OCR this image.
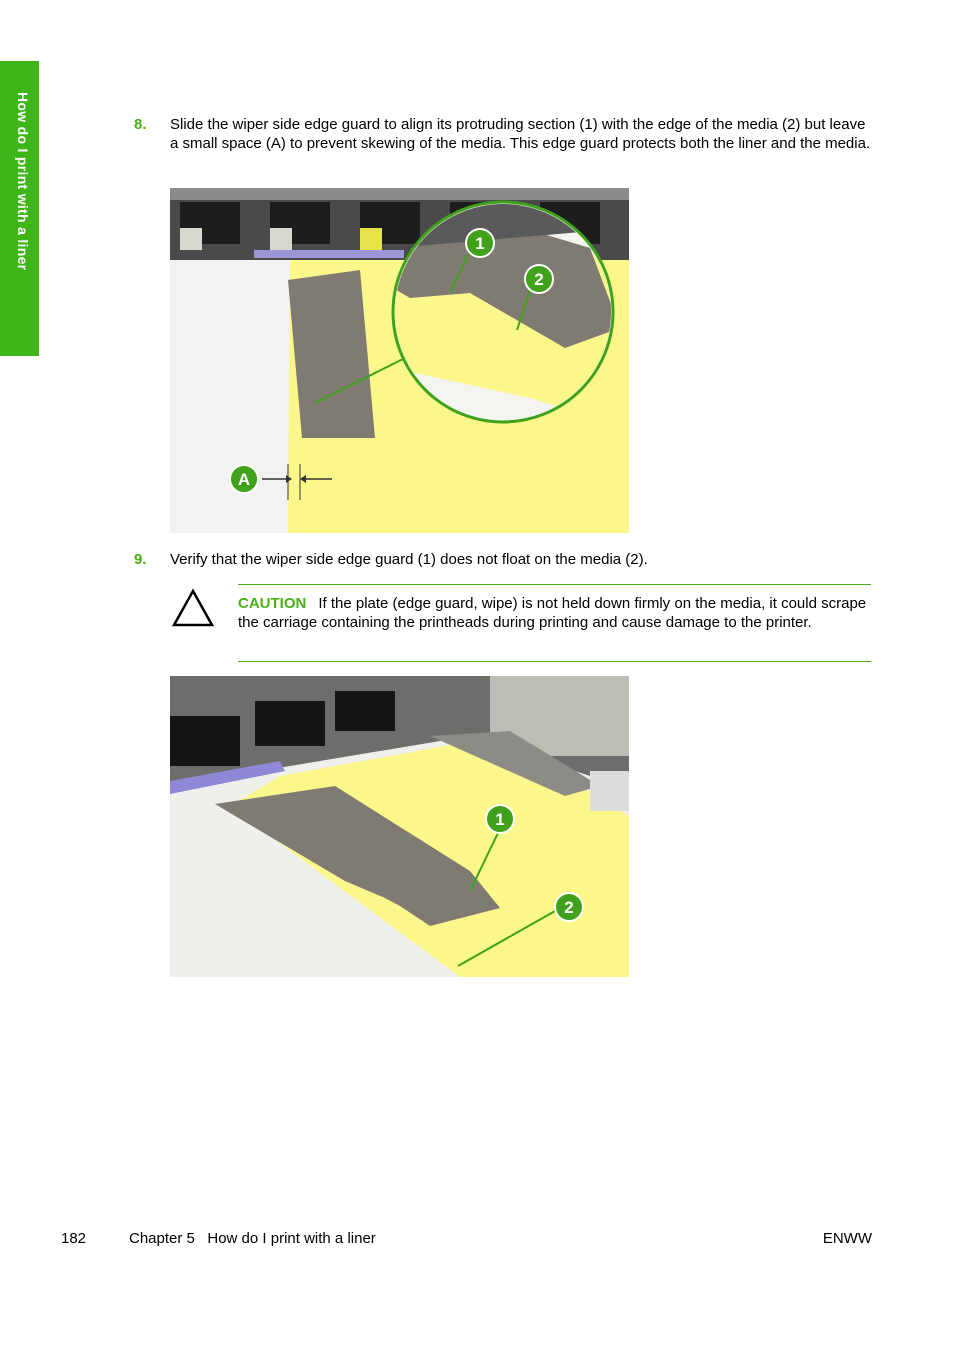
How do I print with a liner	8. Slide the wiper side edge guard to align its protruding section (1) with the edge of the media (2) but leave a small space (A) to prevent skewing of the media. This edge guard protects both the liner and the media.
1
2
A
9. Verify that the wiper side edge guard (1) does not float on the media (2).
CAUTION If the plate (edge guard, wipe) is not held down firmly on the media, it could scrape the carriage containing the printheads during printing and cause damage to the printer.
1
2
182	Chapter 5   How do I print with a liner	ENWW
